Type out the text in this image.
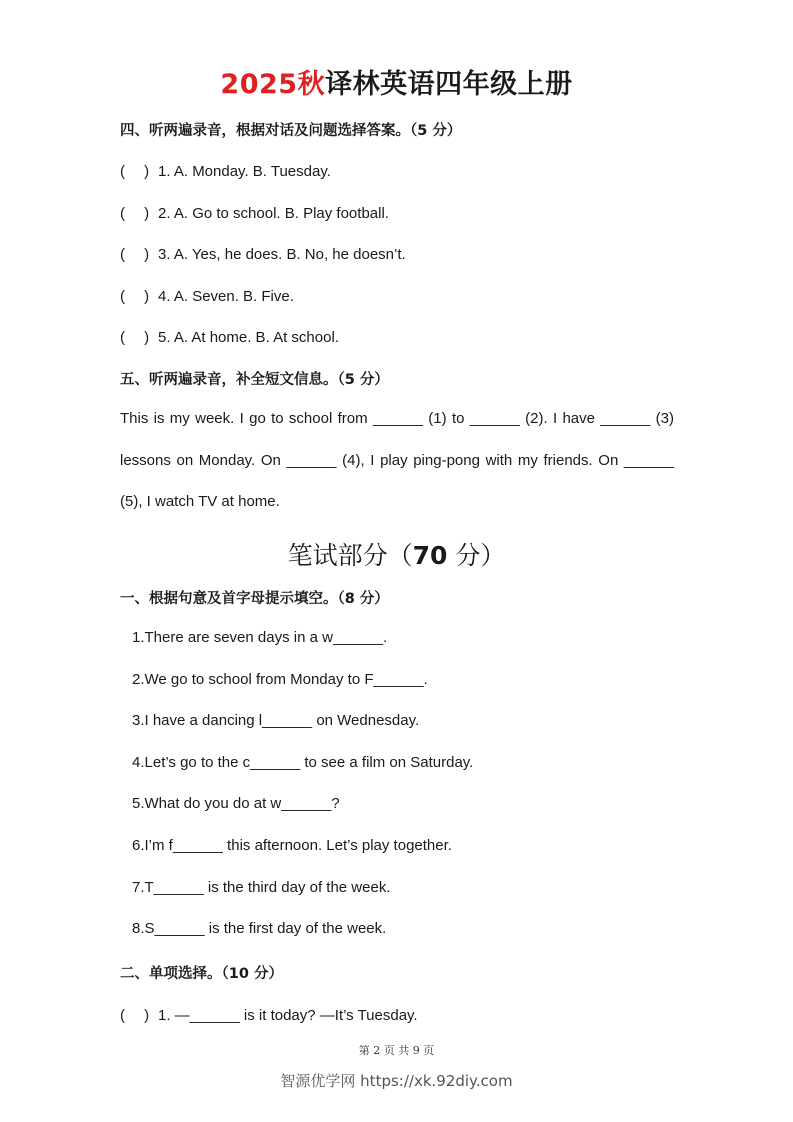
2025秋译林英语四年级上册
四、听两遍录音，根据对话及问题选择答案。（5 分）
(　 ) 1. A. Monday. B. Tuesday.
(　 ) 2. A. Go to school. B. Play football.
(　 ) 3. A. Yes, he does. B. No, he doesn’t.
(　 ) 4. A. Seven. B. Five.
(　 ) 5. A. At home. B. At school.
五、听两遍录音，补全短文信息。（5 分）
This is my week. I go to school from ______ (1) to ______ (2). I have ______ (3)
lessons on Monday. On ______ (4), I play ping-pong with my friends. On ______
(5), I watch TV at home.
笔试部分（70 分）
一、根据句意及首字母提示填空。（8 分）
1.There are seven days in a w______.
2.We go to school from Monday to F______.
3.I have a dancing l______ on Wednesday.
4.Let’s go to the c______ to see a film on Saturday.
5.What do you do at w______?
6.I’m f______ this afternoon. Let’s play together.
7.T______ is the third day of the week.
8.S______ is the first day of the week.
二、单项选择。（10 分）
(　 ) 1. —______ is it today? —It’s Tuesday.
第 2 页 共 9 页
智源优学网 https://xk.92diy.com
